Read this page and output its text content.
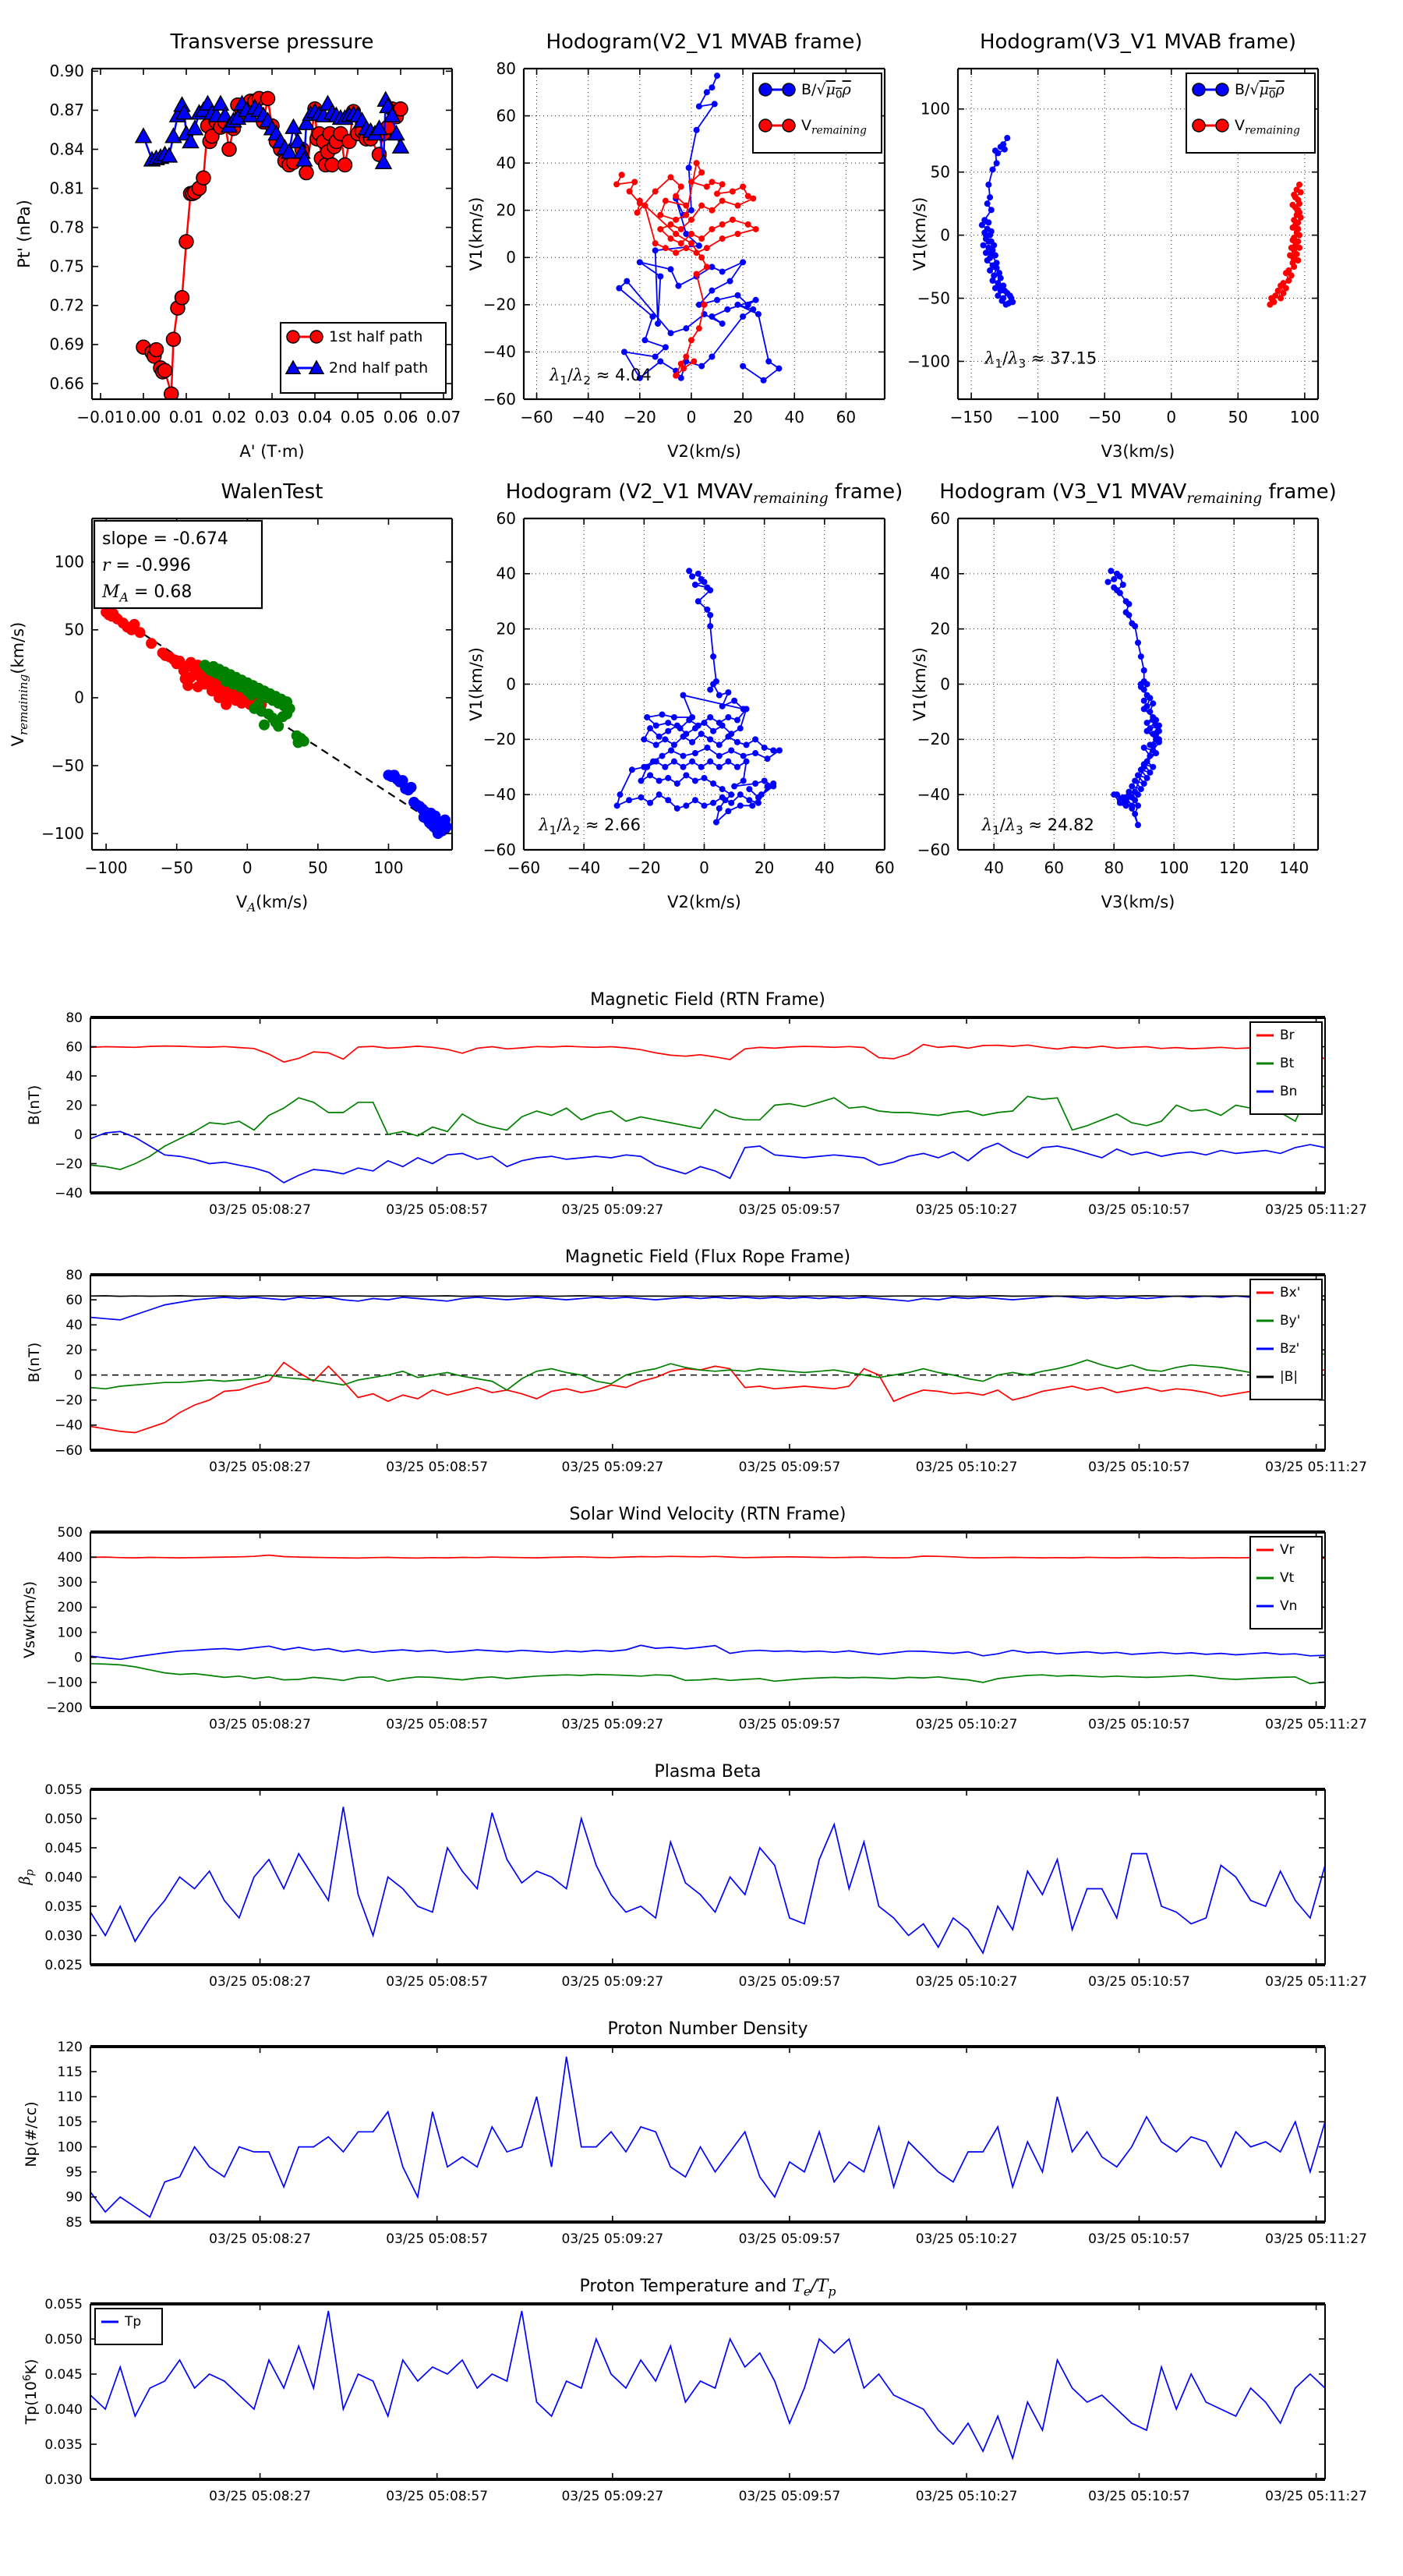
−0.01 0.00 0.01 0.02 0.03 0.04 0.05 0.06 0.07
0.66
0.69
0.72
0.75
0.78
0.81
0.84
0.87
0.90
Transverse pressure
A' (T·m)
Pt' (nPa)
1st half path
2nd half path
−60 −40 −20 0 20 40 60
−60
−40
−20
0
20
40
60
80
Hodogram(V2_V1 MVAB frame)
V2(km/s)
V1(km/s)
$\lambda_1/\lambda_2 \approx 4.04$
$B/√\mu_0\rho$
$V_{remaining}$
−150 −100 −50	0	50	100
−100
−50
0
50
100
Hodogram(V3_V1 MVAB frame)
V3(km/s)
V1(km/s)
$\lambda_1/\lambda_3 \approx 37.15$
$B/√\mu_0\rho$
$V_{remaining}$
−100 −50	0	50	100
−100
−50
0
50
100
WalenTest
$V_A(km/s)$
$V_{remaining}(km/s)$
slope = -0.674
r = -0.996
$M_A = 0.68$
−60 −40 −20 0	20	40	60
−60
−40
−20
0
20
40
60
Hodogram (V2_V1 $MVAV_{remaining}$ frame)
V2(km/s)
V1(km/s)
$\lambda_1/\lambda_2 \approx 2.66$
40	60	80 100 120 140
−60
−40
−20
0
20
40
60
Hodogram (V3_V1 $MVAV_{remaining}$ frame)
V3(km/s)
V1(km/s)
$\lambda_1/\lambda_3 \approx 24.82$
03/25 05:08:27	03/25 05:08:57	03/25 05:09:27	03/25 05:09:57	03/25 05:10:27	03/25 05:10:57	03/25 05:11:27
−40
−20
0
20
40
60
80
Magnetic Field (RTN Frame)
B(nT)
Br
Bt
Bn
03/25 05:08:27	03/25 05:08:57	03/25 05:09:27	03/25 05:09:57	03/25 05:10:27	03/25 05:10:57	03/25 05:11:27
−60
−40
−20
0
20
40
60
80
Magnetic Field (Flux Rope Frame)
B(nT)
Bx'
By'
Bz'
|B|
03/25 05:08:27	03/25 05:08:57	03/25 05:09:27	03/25 05:09:57	03/25 05:10:27	03/25 05:10:57	03/25 05:11:27
−200
−100
0
100
200
300
400
500
Solar Wind Velocity (RTN Frame)
Vsw(km/s)
Vr
Vt
Vn
03/25 05:08:27	03/25 05:08:57	03/25 05:09:27	03/25 05:09:57	03/25 05:10:27	03/25 05:10:57	03/25 05:11:27
0.025
0.030
0.035
0.040
0.045
0.050
0.055
Plasma Beta
$\beta_p$
03/25 05:08:27	03/25 05:08:57	03/25 05:09:27	03/25 05:09:57	03/25 05:10:27	03/25 05:10:57	03/25 05:11:27
85
90
95
100
105
110
115
120
Proton Number Density
Np(#/cc)
03/25 05:08:27	03/25 05:08:57	03/25 05:09:27	03/25 05:09:57	03/25 05:10:27	03/25 05:10:57	03/25 05:11:27
0.030
0.035
0.040
0.045
0.050
0.055
Proton Temperature and $T_e/T_p$
$Tp(10^6K)$
Tp
